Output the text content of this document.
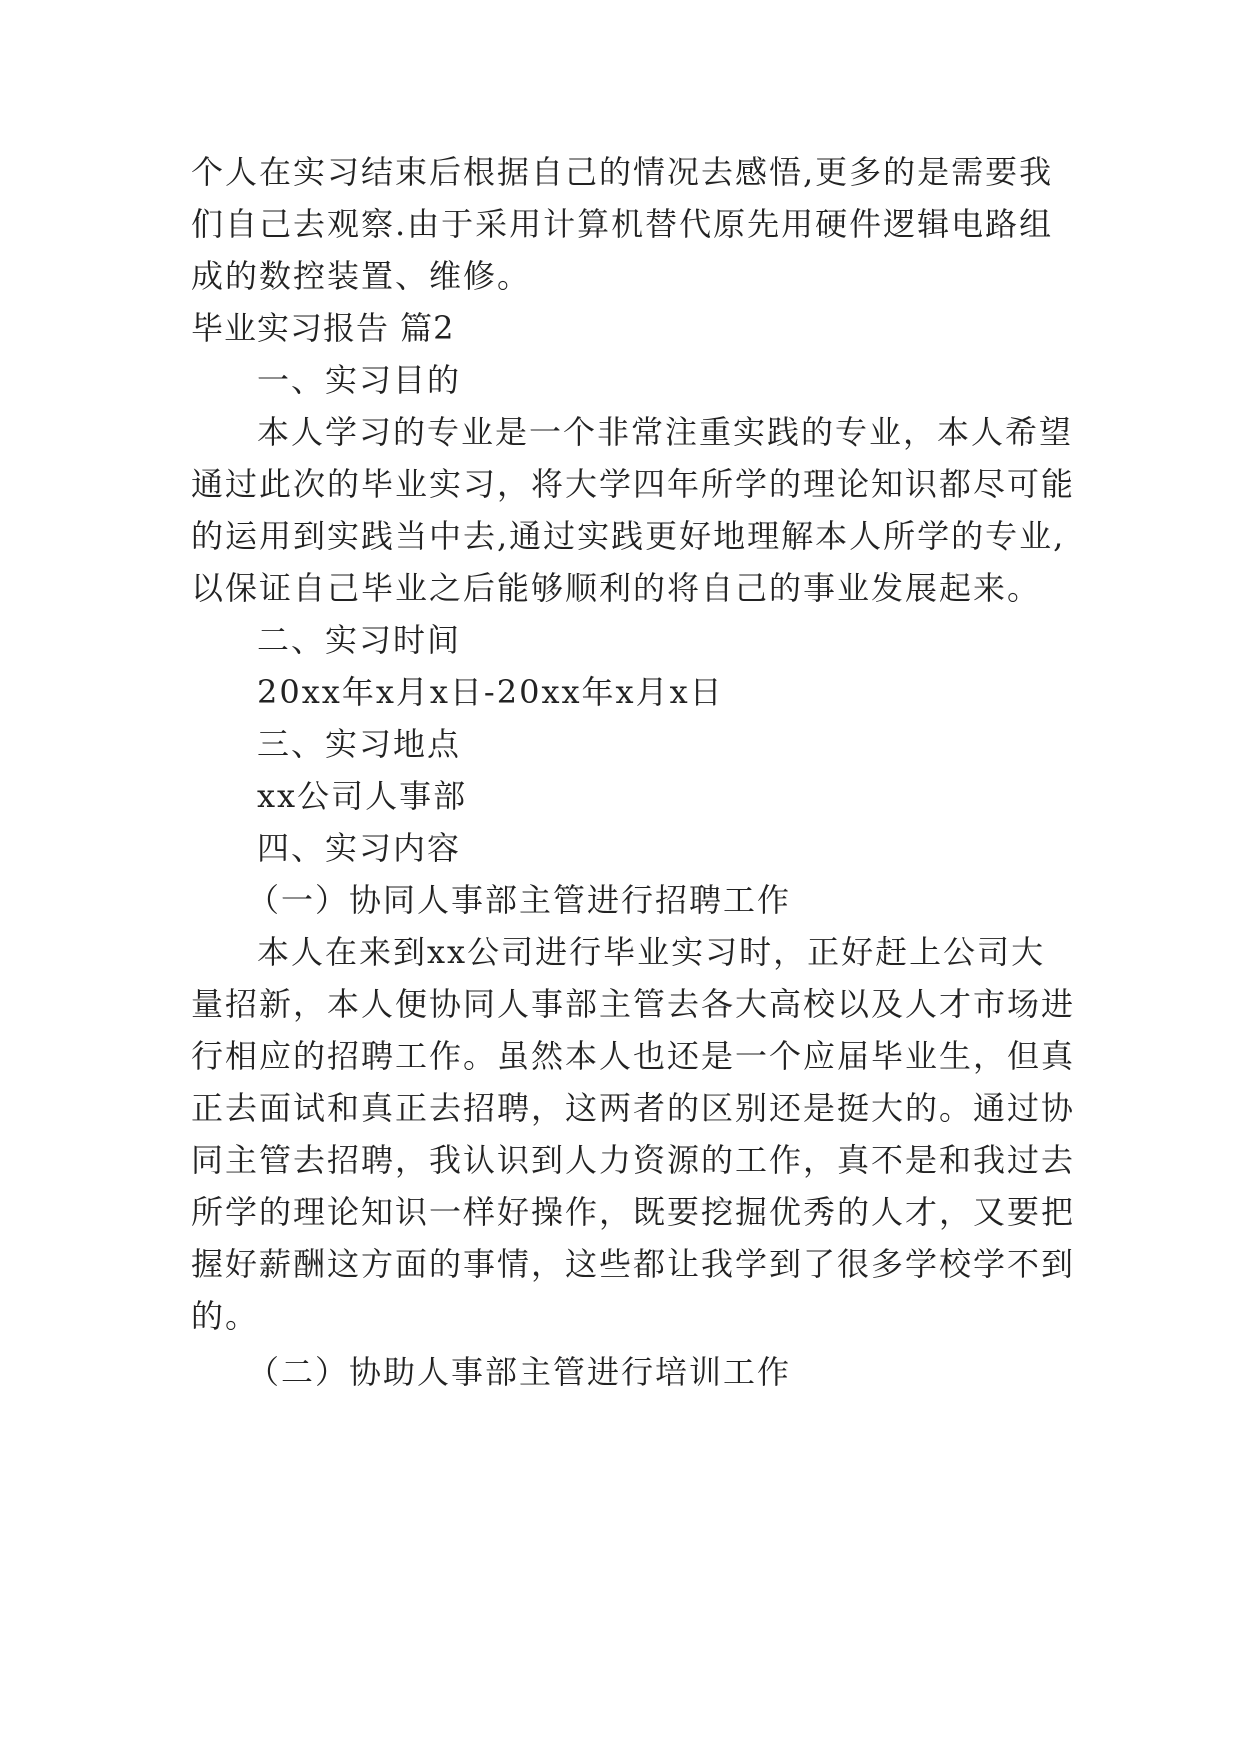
个人在实习结束后根据自己的情况去感悟,更多的是需要我
们自己去观察.由于采用计算机替代原先用硬件逻辑电路组
成的数控装置、维修。
毕业实习报告 篇2
一、实习目的
本人学习的专业是一个非常注重实践的专业，本人希望
通过此次的毕业实习，将大学四年所学的理论知识都尽可能
的运用到实践当中去,通过实践更好地理解本人所学的专业,
以保证自己毕业之后能够顺利的将自己的事业发展起来。
二、实习时间
20xx年x月x日-20xx年x月x日
三、实习地点
xx公司人事部
四、实习内容
（一）协同人事部主管进行招聘工作
本人在来到xx公司进行毕业实习时，正好赶上公司大
量招新，本人便协同人事部主管去各大高校以及人才市场进
行相应的招聘工作。虽然本人也还是一个应届毕业生，但真
正去面试和真正去招聘，这两者的区别还是挺大的。通过协
同主管去招聘，我认识到人力资源的工作，真不是和我过去
所学的理论知识一样好操作，既要挖掘优秀的人才，又要把
握好薪酬这方面的事情，这些都让我学到了很多学校学不到
的。
（二）协助人事部主管进行培训工作
